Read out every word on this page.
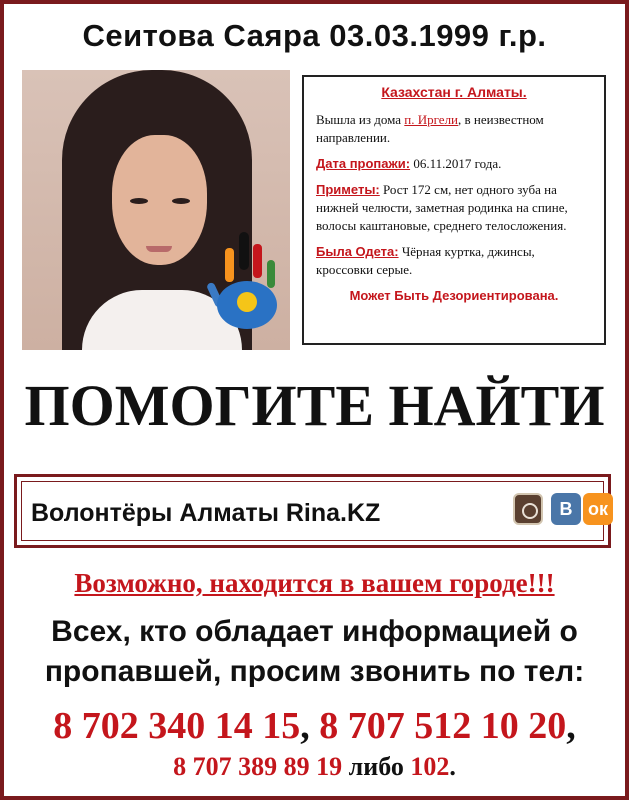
Сеитова Саяра 03.03.1999 г.р.
Казахстан г. Алматы.

Вышла из дома п. Иргели, в неизвестном направлении.

Дата пропажи: 06.11.2017 года.

Приметы: Рост 172 см, нет одного зуба на нижней челюсти, заметная родинка на спине, волосы каштановые, среднего телосложения.

Была Одета: Чёрная куртка, джинсы, кроссовки серые.

Может Быть Дезориентирована.
ПОМОГИТЕ НАЙТИ
Волонтёры Алматы Rina.KZ	В ок
Возможно, находится в вашем городе!!!
Всех, кто обладает информацией о
пропавшей, просим звонить по тел:
8 702 340 14 15, 8 707 512 10 20,
8 707 389 89 19 либо 102.
